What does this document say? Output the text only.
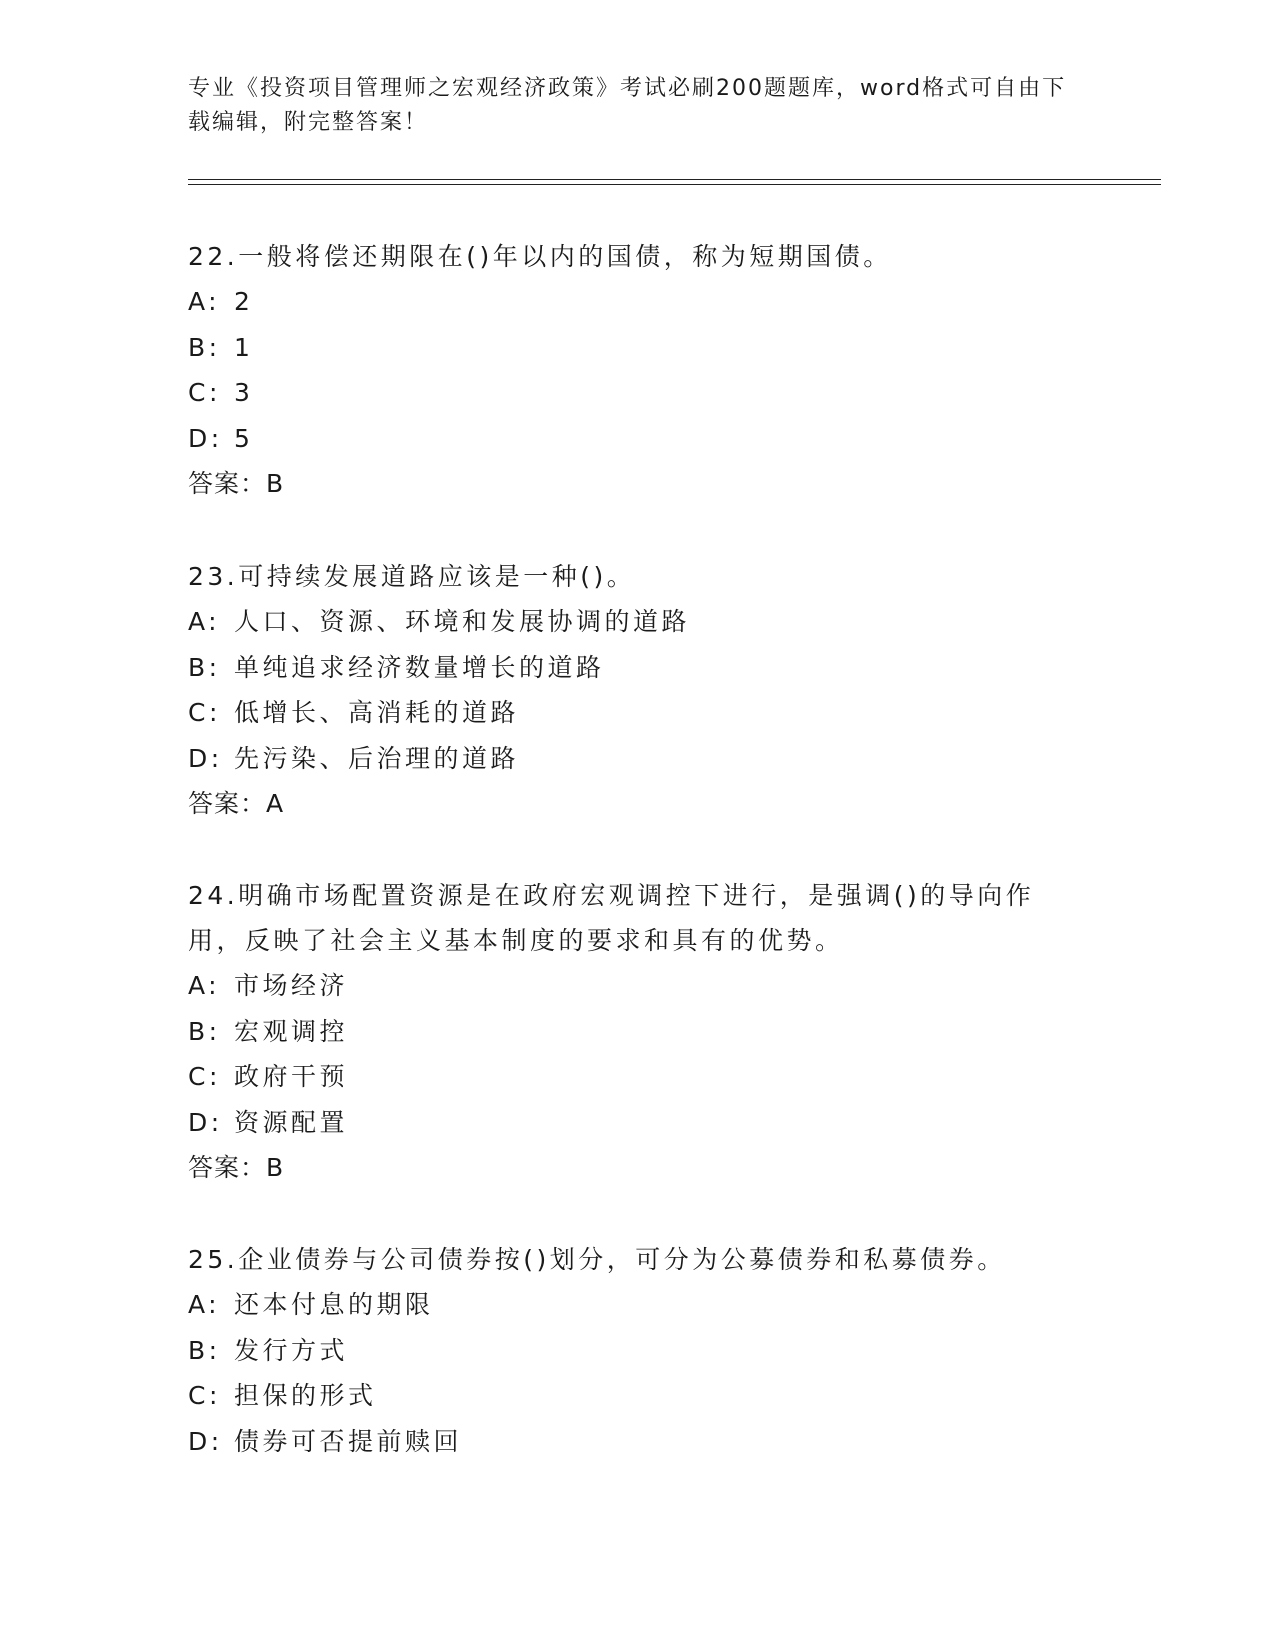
专业《投资项目管理师之宏观经济政策》考试必刷200题题库，word格式可自由下载编辑，附完整答案！

22.一般将偿还期限在()年以内的国债，称为短期国债。

A: 2

B: 1

C: 3

D: 5

答案：B

23.可持续发展道路应该是一种()。

A: 人口、资源、环境和发展协调的道路

B: 单纯追求经济数量增长的道路

C: 低增长、高消耗的道路

D: 先污染、后治理的道路

答案：A

24.明确市场配置资源是在政府宏观调控下进行，是强调()的导向作用，反映了社会主义基本制度的要求和具有的优势。

A: 市场经济

B: 宏观调控

C: 政府干预

D: 资源配置

答案：B

25.企业债券与公司债券按()划分，可分为公募债券和私募债券。

A: 还本付息的期限

B: 发行方式

C: 担保的形式

D: 债券可否提前赎回
